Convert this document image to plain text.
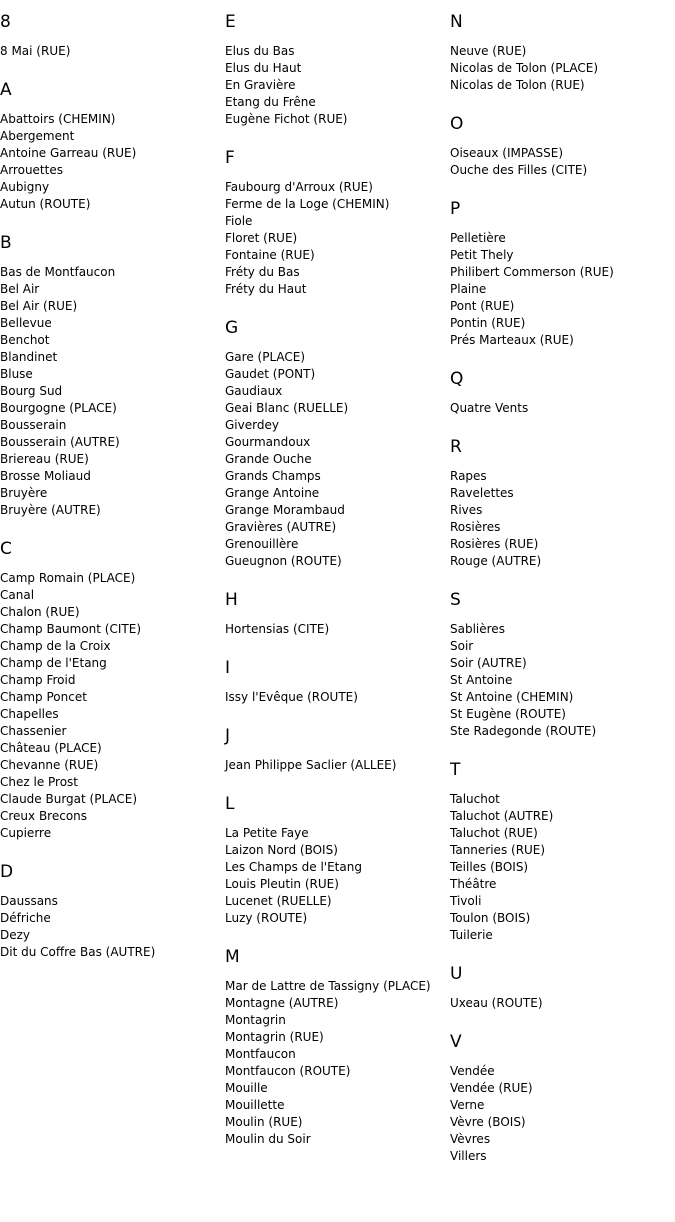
8
8 Mai (RUE)
A
Abattoirs (CHEMIN)
Abergement
Antoine Garreau (RUE)
Arrouettes
Aubigny
Autun (ROUTE)
B
Bas de Montfaucon
Bel Air
Bel Air (RUE)
Bellevue
Benchot
Blandinet
Bluse
Bourg Sud
Bourgogne (PLACE)
Bousserain
Bousserain (AUTRE)
Briereau (RUE)
Brosse Moliaud
Bruyère
Bruyère (AUTRE)
C
Camp Romain (PLACE)
Canal
Chalon (RUE)
Champ Baumont (CITE)
Champ de la Croix
Champ de l'Etang
Champ Froid
Champ Poncet
Chapelles
Chassenier
Château (PLACE)
Chevanne (RUE)
Chez le Prost
Claude Burgat (PLACE)
Creux Brecons
Cupierre
D
Daussans
Défriche
Dezy
Dit du Coffre Bas (AUTRE)
E
Elus du Bas
Elus du Haut
En Gravière
Etang du Frêne
Eugène Fichot (RUE)
F
Faubourg d'Arroux (RUE)
Ferme de la Loge (CHEMIN)
Fiole
Floret (RUE)
Fontaine (RUE)
Fréty du Bas
Fréty du Haut
G
Gare (PLACE)
Gaudet (PONT)
Gaudiaux
Geai Blanc (RUELLE)
Giverdey
Gourmandoux
Grande Ouche
Grands Champs
Grange Antoine
Grange Morambaud
Gravières (AUTRE)
Grenouillère
Gueugnon (ROUTE)
H
Hortensias (CITE)
I
Issy l'Evêque (ROUTE)
J
Jean Philippe Saclier (ALLEE)
L
La Petite Faye
Laizon Nord (BOIS)
Les Champs de l'Etang
Louis Pleutin (RUE)
Lucenet (RUELLE)
Luzy (ROUTE)
M
Mar de Lattre de Tassigny (PLACE)
Montagne (AUTRE)
Montagrin
Montagrin (RUE)
Montfaucon
Montfaucon (ROUTE)
Mouille
Mouillette
Moulin (RUE)
Moulin du Soir
N
Neuve (RUE)
Nicolas de Tolon (PLACE)
Nicolas de Tolon (RUE)
O
Oiseaux (IMPASSE)
Ouche des Filles (CITE)
P
Pelletière
Petit Thely
Philibert Commerson (RUE)
Plaine
Pont (RUE)
Pontin (RUE)
Prés Marteaux (RUE)
Q
Quatre Vents
R
Rapes
Ravelettes
Rives
Rosières
Rosières (RUE)
Rouge (AUTRE)
S
Sablières
Soir
Soir (AUTRE)
St Antoine
St Antoine (CHEMIN)
St Eugène (ROUTE)
Ste Radegonde (ROUTE)
T
Taluchot
Taluchot (AUTRE)
Taluchot (RUE)
Tanneries (RUE)
Teilles (BOIS)
Théâtre
Tivoli
Toulon (BOIS)
Tuilerie
U
Uxeau (ROUTE)
V
Vendée
Vendée (RUE)
Verne
Vèvre (BOIS)
Vèvres
Villers
